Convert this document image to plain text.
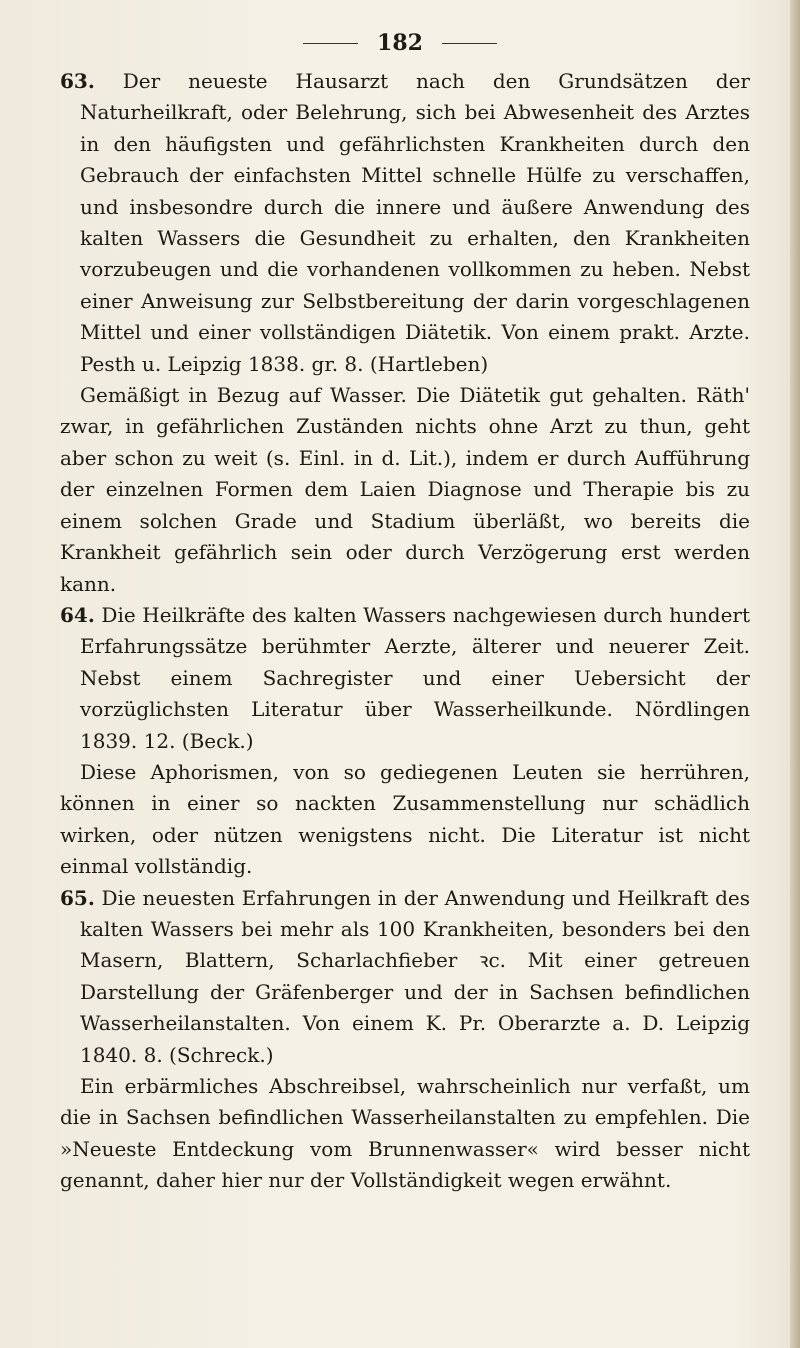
182

63. Der neueste Hausarzt nach den Grundsätzen der Naturheilkraft, oder Belehrung, sich bei Abwesenheit des Arztes in den häufigsten und gefährlichsten Krankheiten durch den Gebrauch der einfachsten Mittel schnelle Hülfe zu verschaffen, und insbesondre durch die innere und äußere Anwendung des kalten Wassers die Gesundheit zu erhalten, den Krankheiten vorzubeugen und die vorhandenen vollkommen zu heben. Nebst einer Anweisung zur Selbstbereitung der darin vorgeschlagenen Mittel und einer vollständigen Diätetik. Von einem prakt. Arzte. Pesth u. Leipzig 1838. gr. 8. (Hartleben)

Gemäßigt in Bezug auf Wasser. Die Diätetik gut gehalten. Räth' zwar, in gefährlichen Zuständen nichts ohne Arzt zu thun, geht aber schon zu weit (s. Einl. in d. Lit.), indem er durch Aufführung der einzelnen Formen dem Laien Diagnose und Therapie bis zu einem solchen Grade und Stadium überläßt, wo bereits die Krankheit gefährlich sein oder durch Verzögerung erst werden kann.

64. Die Heilkräfte des kalten Wassers nachgewiesen durch hundert Erfahrungssätze berühmter Aerzte, älterer und neuerer Zeit. Nebst einem Sachregister und einer Uebersicht der vorzüglichsten Literatur über Wasserheilkunde. Nördlingen 1839. 12. (Beck.)

Diese Aphorismen, von so gediegenen Leuten sie herrühren, können in einer so nackten Zusammenstellung nur schädlich wirken, oder nützen wenigstens nicht. Die Literatur ist nicht einmal vollständig.

65. Die neuesten Erfahrungen in der Anwendung und Heilkraft des kalten Wassers bei mehr als 100 Krankheiten, besonders bei den Masern, Blattern, Scharlachfieber ꝛc. Mit einer getreuen Darstellung der Gräfenberger und der in Sachsen befindlichen Wasserheilanstalten. Von einem K. Pr. Oberarzte a. D. Leipzig 1840. 8. (Schreck.)

Ein erbärmliches Abschreibsel, wahrscheinlich nur verfaßt, um die in Sachsen befindlichen Wasserheilanstalten zu empfehlen. Die »Neueste Entdeckung vom Brunnenwasser« wird besser nicht genannt, daher hier nur der Vollständigkeit wegen erwähnt.
